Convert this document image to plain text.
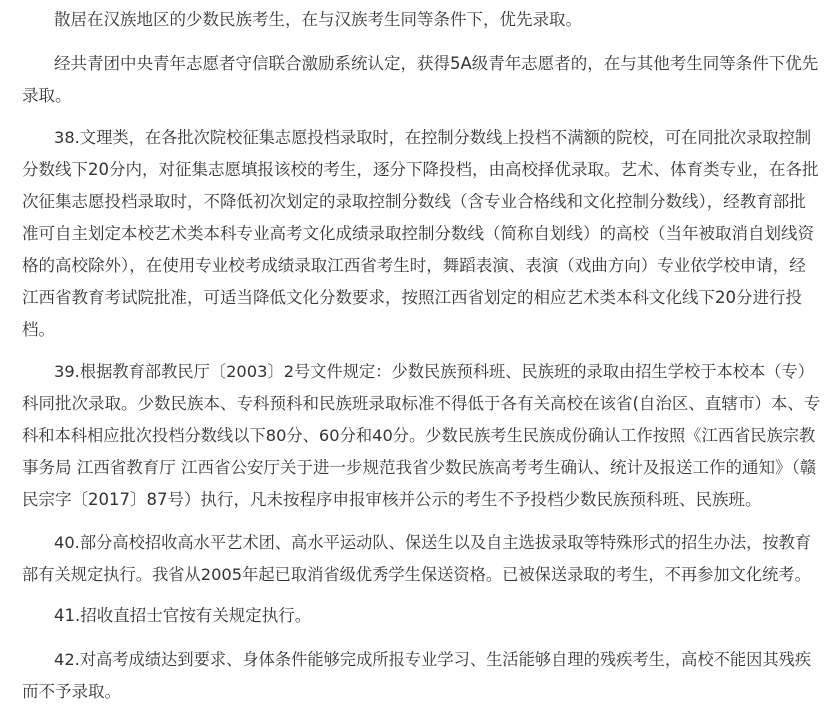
散居在汉族地区的少数民族考生，在与汉族考生同等条件下，优先录取。
经共青团中央青年志愿者守信联合激励系统认定，获得5A级青年志愿者的，在与其他考生同等条件下优先
录取。
38.文理类，在各批次院校征集志愿投档录取时，在控制分数线上投档不满额的院校，可在同批次录取控制
分数线下20分内，对征集志愿填报该校的考生，逐分下降投档，由高校择优录取。艺术、体育类专业，在各批
次征集志愿投档录取时，不降低初次划定的录取控制分数线（含专业合格线和文化控制分数线），经教育部批
准可自主划定本校艺术类本科专业高考文化成绩录取控制分数线（简称自划线）的高校（当年被取消自划线资
格的高校除外），在使用专业校考成绩录取江西省考生时，舞蹈表演、表演（戏曲方向）专业依学校申请，经
江西省教育考试院批准，可适当降低文化分数要求，按照江西省划定的相应艺术类本科文化线下20分进行投
档。
39.根据教育部教民厅〔2003〕2号文件规定：少数民族预科班、民族班的录取由招生学校于本校本（专）
科同批次录取。少数民族本、专科预科和民族班录取标准不得低于各有关高校在该省(自治区、直辖市）本、专
科和本科相应批次投档分数线以下80分、60分和40分。少数民族考生民族成份确认工作按照《江西省民族宗教
事务局 江西省教育厅 江西省公安厅关于进一步规范我省少数民族高考考生确认、统计及报送工作的通知》（赣
民宗字〔2017〕87号）执行，凡未按程序申报审核并公示的考生不予投档少数民族预科班、民族班。
40.部分高校招收高水平艺术团、高水平运动队、保送生以及自主选拔录取等特殊形式的招生办法，按教育
部有关规定执行。我省从2005年起已取消省级优秀学生保送资格。已被保送录取的考生，不再参加文化统考。
41.招收直招士官按有关规定执行。
42.对高考成绩达到要求、身体条件能够完成所报专业学习、生活能够自理的残疾考生，高校不能因其残疾
而不予录取。
